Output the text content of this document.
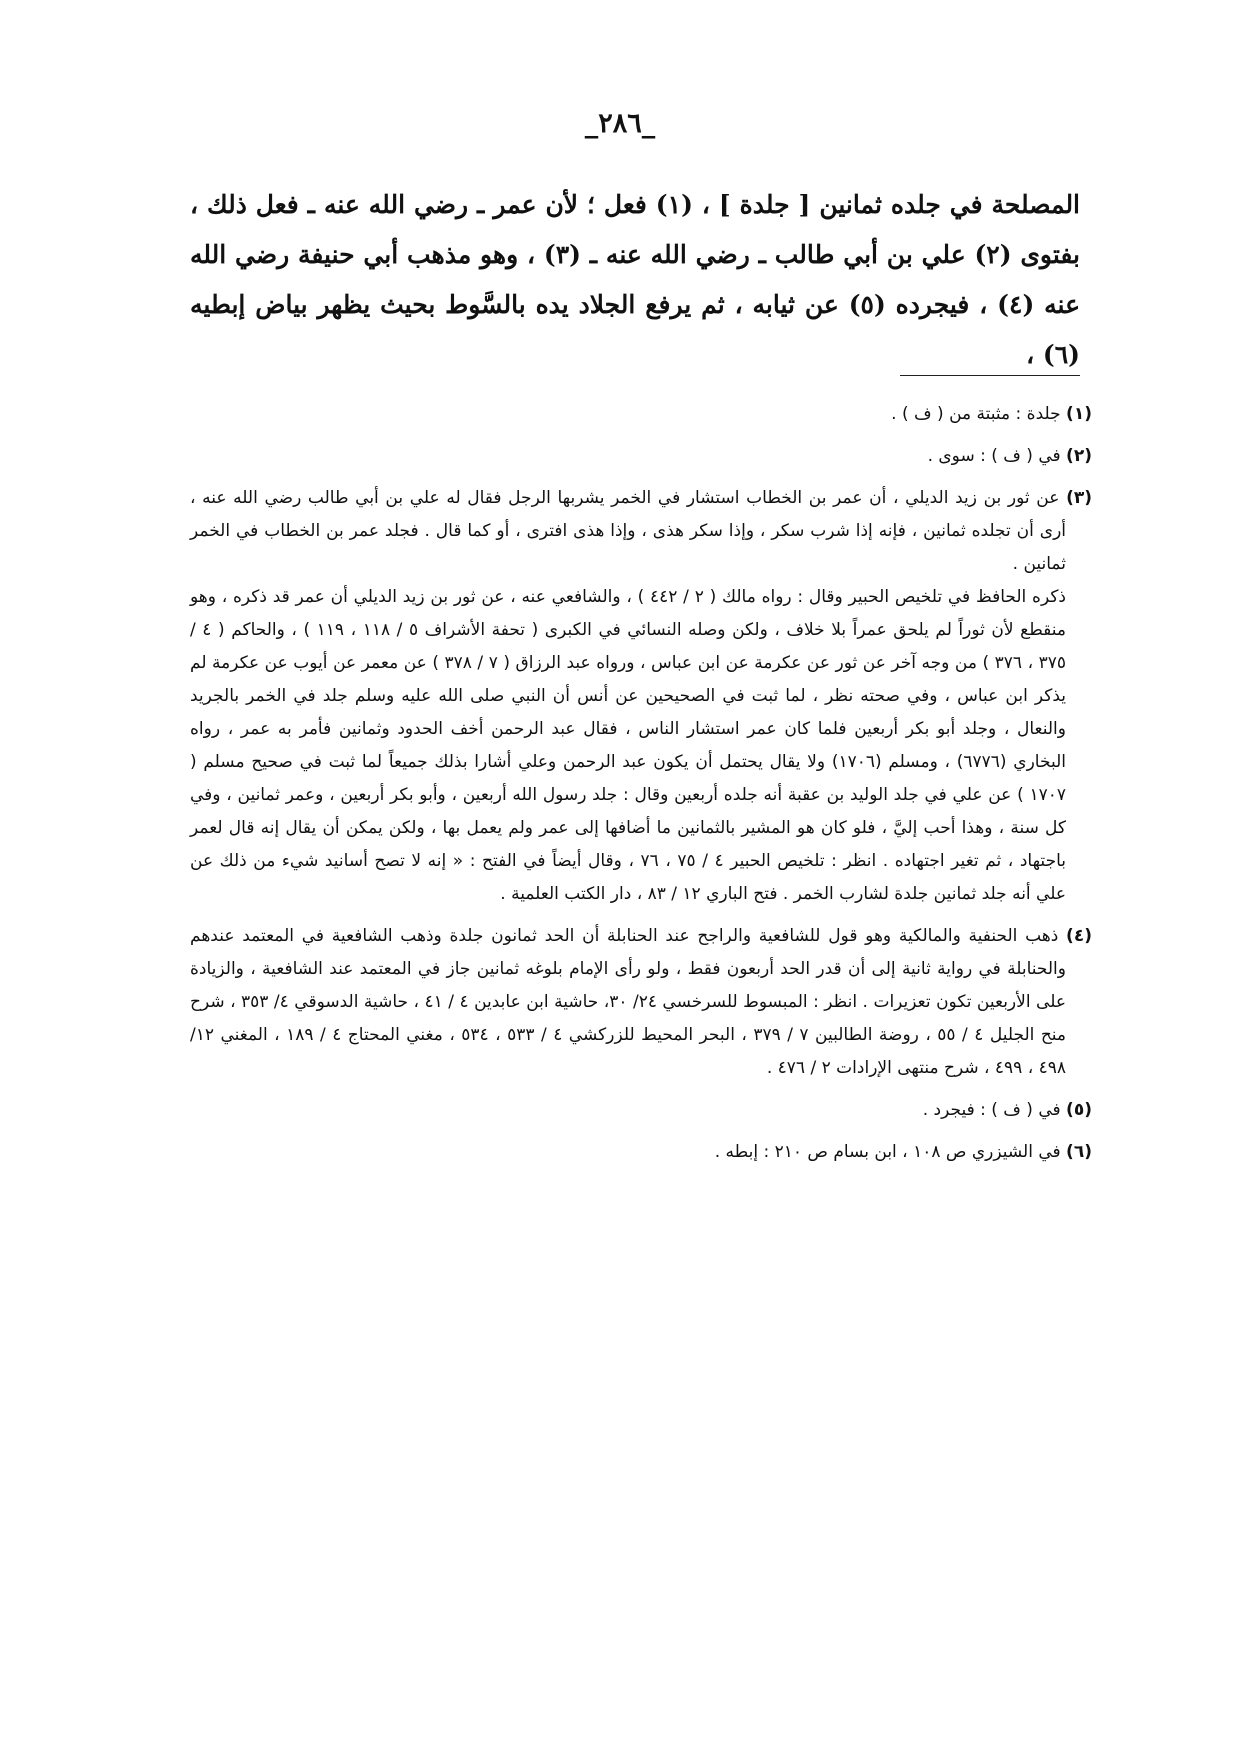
_٢٨٦_

المصلحة في جلده ثمانين [ جلدة ] ، (١) فعل ؛ لأن عمر ـ رضي الله عنه ـ فعل ذلك ، بفتوى (٢) علي بن أبي طالب ـ رضي الله عنه ـ (٣) ، وهو مذهب أبي حنيفة رضي الله عنه (٤) ، فيجرده (٥) عن ثيابه ، ثم يرفع الجلاد يده بالسَّوط بحيث يظهر بياض إبطيه (٦) ،

(١) جلدة : مثبتة من ( ف ) .
(٢) في ( ف ) : سوى .
(٣) عن ثور بن زيد الديلي ، أن عمر بن الخطاب استشار في الخمر يشربها الرجل فقال له علي بن أبي طالب رضي الله عنه ، أرى أن تجلده ثمانين ، فإنه إذا شرب سكر ، وإذا سكر هذى ، وإذا هذى افترى ، أو كما قال . فجلد عمر بن الخطاب في الخمر ثمانين .

ذكره الحافظ في تلخيص الحبير وقال : رواه مالك ( ٢ / ٤٤٢ ) ، والشافعي عنه ، عن ثور بن زيد الديلي أن عمر قد ذكره ، وهو منقطع لأن ثوراً لم يلحق عمراً بلا خلاف ، ولكن وصله النسائي في الكبرى ( تحفة الأشراف ٥ / ١١٨ ، ١١٩ ) ، والحاكم ( ٤ / ٣٧٥ ، ٣٧٦ ) من وجه آخر عن ثور عن عكرمة عن ابن عباس ، ورواه عبد الرزاق ( ٧ / ٣٧٨ ) عن معمر عن أيوب عن عكرمة لم يذكر ابن عباس ، وفي صحته نظر ، لما ثبت في الصحيحين عن أنس أن النبي صلى الله عليه وسلم جلد في الخمر بالجريد والنعال ، وجلد أبو بكر أربعين فلما كان عمر استشار الناس ، فقال عبد الرحمن أخف الحدود وثمانين فأمر به عمر ، رواه البخاري (٦٧٧٦) ، ومسلم (١٧٠٦) ولا يقال يحتمل أن يكون عبد الرحمن وعلي أشارا بذلك جميعاً لما ثبت في صحيح مسلم ( ١٧٠٧ ) عن علي في جلد الوليد بن عقبة أنه جلده أربعين وقال : جلد رسول الله أربعين ، وأبو بكر أربعين ، وعمر ثمانين ، وفي كل سنة ، وهذا أحب إليَّ ، فلو كان هو المشير بالثمانين ما أضافها إلى عمر ولم يعمل بها ، ولكن يمكن أن يقال إنه قال لعمر باجتهاد ، ثم تغير اجتهاده . انظر : تلخيص الحبير ٤ / ٧٥ ، ٧٦ ، وقال أيضاً في الفتح : « إنه لا تصح أسانيد شيء من ذلك عن علي أنه جلد ثمانين جلدة لشارب الخمر . فتح الباري ١٢ / ٨٣ ، دار الكتب العلمية .

(٤) ذهب الحنفية والمالكية وهو قول للشافعية والراجح عند الحنابلة أن الحد ثمانون جلدة وذهب الشافعية في المعتمد عندهم والحنابلة في رواية ثانية إلى أن قدر الحد أربعون فقط ، ولو رأى الإمام بلوغه ثمانين جاز في المعتمد عند الشافعية ، والزيادة على الأربعين تكون تعزيرات . انظر : المبسوط للسرخسي ٢٤/ ٣٠، حاشية ابن عابدين ٤ / ٤١ ، حاشية الدسوقي ٤/ ٣٥٣ ، شرح منح الجليل ٤ / ٥٥ ، روضة الطالبين ٧ / ٣٧٩ ، البحر المحيط للزركشي ٤ / ٥٣٣ ، ٥٣٤ ، مغني المحتاج ٤ / ١٨٩ ، المغني ١٢/ ٤٩٨ ، ٤٩٩ ، شرح منتهى الإرادات ٢ / ٤٧٦ .
(٥) في ( ف ) : فيجرد .
(٦) في الشيزري ص ١٠٨ ، ابن بسام ص ٢١٠ : إبطه .
